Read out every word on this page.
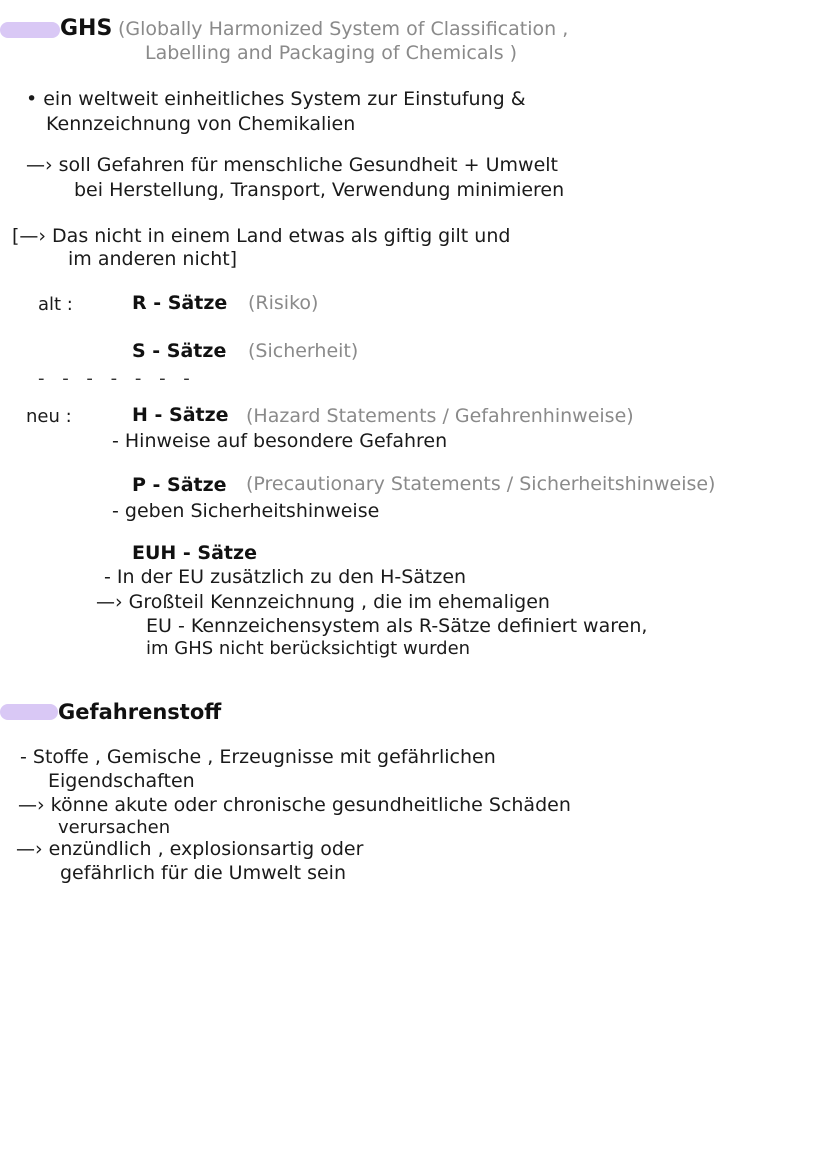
GHS (Globally Harmonized System of Classification ,
Labelling and Packaging of Chemicals )
• ein weltweit einheitliches System zur Einstufung &
Kennzeichnung von Chemikalien
—› soll Gefahren für menschliche Gesundheit + Umwelt
bei Herstellung, Transport, Verwendung minimieren
[—› Das nicht in einem Land etwas als giftig gilt und
im anderen nicht]
alt :	R - Sätze (Risiko)
S - Sätze (Sicherheit)
- - - - - - -
neu :	H - Sätze (Hazard Statements / Gefahrenhinweise)
- Hinweise auf besondere Gefahren
P - Sätze (Precautionary Statements / Sicherheitshinweise)
- geben Sicherheitshinweise
EUH - Sätze
- In der EU zusätzlich zu den H-Sätzen
—› Großteil Kennzeichnung , die im ehemaligen
EU - Kennzeichensystem als R-Sätze definiert waren,
im GHS nicht berücksichtigt wurden
Gefahrenstoff
- Stoffe , Gemische , Erzeugnisse mit gefährlichen
Eigendschaften
—› könne akute oder chronische gesundheitliche Schäden
verursachen
—› enzündlich , explosionsartig oder
gefährlich für die Umwelt sein
